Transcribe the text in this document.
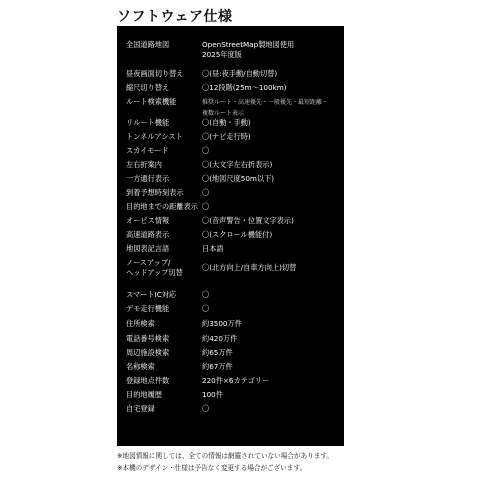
ソフトウェア仕様
全国道路地図	OpenStreetMap製地図使用
2025年度版
昼夜画面切り替え	〇(昼:夜手動/自動切替)
縮尺切り替え	〇12段階(25m〜100km)
ルート検索機能	推奨ルート・高速優先・一般優先・最短距離・
複数ルート表示
リルート機能	〇(自動・手動)
トンネルアシスト	〇(ナビ走行時)
スカイモード	〇
左右折案内	〇(大文字左右折表示)
一方通行表示	〇(地図尺度50m以下)
到着予想時刻表示	〇
目的地までの距離表示 〇
オービス情報	〇(音声警告・位置文字表示)
高速道路表示	〇(スクロール機能付)
地図表記言語	日本語
ノースアップ/
ヘッドアップ切替	〇(北方向上/自車方向上)切替
スマートIC対応	〇
デモ走行機能	〇
住所検索	約3500万件
電話番号検索	約420万件
周辺施設検索	約65万件
名称検索	約67万件
登録地点件数	220件×6カテゴリー
目的地履歴	100件
自宅登録	〇
※地図情報に関しては、全ての情報は網羅されていない場合があります。
※本機のデザイン・仕様は予告なく変更する場合がございます。
